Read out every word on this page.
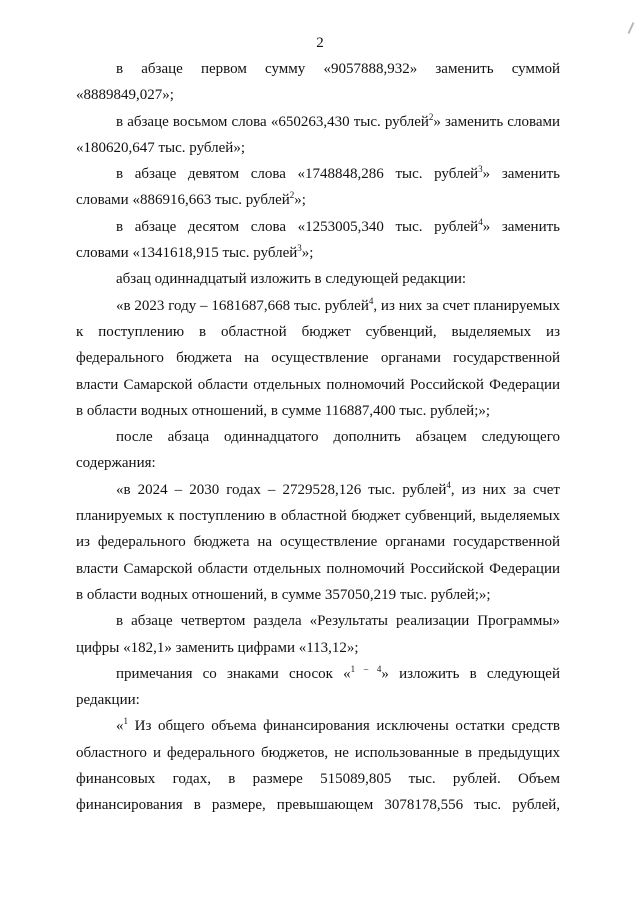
2

в абзаце первом сумму «9057888,932» заменить суммой
«8889849,027»;

в абзаце восьмом слова «650263,430 тыс. рублей$^2$» заменить словами «180620,647 тыс. рублей»;

в абзаце девятом слова «1748848,286 тыс. рублей$^3$» заменить словами «886916,663 тыс. рублей$^2$»;

в абзаце десятом слова «1253005,340 тыс. рублей$^4$» заменить словами «1341618,915 тыс. рублей$^3$»;

абзац одиннадцатый изложить в следующей редакции:

«в 2023 году – 1681687,668 тыс. рублей$^4$, из них за счет планируемых к поступлению в областной бюджет субвенций, выделяемых из федерального бюджета на осуществление органами государственной власти Самарской области отдельных полномочий Российской Федерации в области водных отношений, в сумме 116887,400 тыс. рублей;»;

после абзаца одиннадцатого дополнить абзацем следующего содержания:

«в 2024 – 2030 годах – 2729528,126 тыс. рублей$^4$, из них за счет планируемых к поступлению в областной бюджет субвенций, выделяемых из федерального бюджета на осуществление органами государственной власти Самарской области отдельных полномочий Российской Федерации в области водных отношений, в сумме 357050,219 тыс. рублей;»;

в абзаце четвертом раздела «Результаты реализации Программы» цифры «182,1» заменить цифрами «113,12»;

примечания со знаками сносок «$^{1 - 4}$» изложить в следующей редакции:

«$^1$ Из общего объема финансирования исключены остатки средств областного и федерального бюджетов, не использованные в предыдущих финансовых годах, в размере 515089,805 тыс. рублей. Объем финансирования в размере, превышающем 3078178,556 тыс. рублей,
